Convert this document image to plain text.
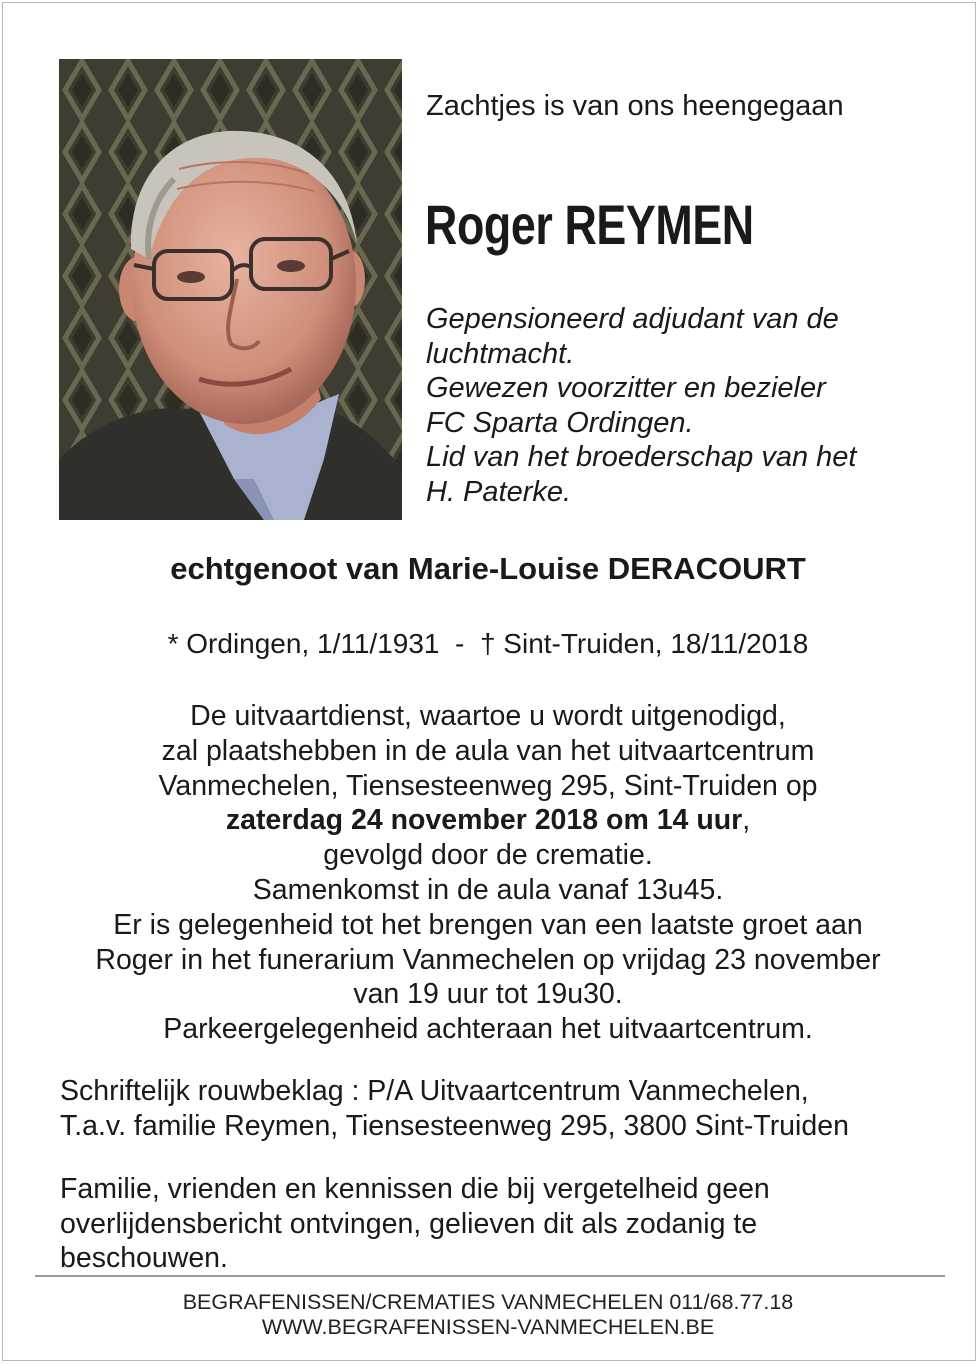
Zachtjes is van ons heengegaan
Roger REYMEN
Gepensioneerd adjudant van de
luchtmacht.
Gewezen voorzitter en bezieler
FC Sparta Ordingen.
Lid van het broederschap van het
H. Paterke.
echtgenoot van Marie-Louise DERACOURT
* Ordingen, 1/11/1931  -  † Sint-Truiden, 18/11/2018
De uitvaartdienst, waartoe u wordt uitgenodigd,
zal plaatshebben in de aula van het uitvaartcentrum
Vanmechelen, Tiensesteenweg 295, Sint-Truiden op
zaterdag 24 november 2018 om 14 uur,
gevolgd door de crematie.
Samenkomst in de aula vanaf 13u45.
Er is gelegenheid tot het brengen van een laatste groet aan
Roger in het funerarium Vanmechelen op vrijdag 23 november
van 19 uur tot 19u30.
Parkeergelegenheid achteraan het uitvaartcentrum.
Schriftelijk rouwbeklag : P/A Uitvaartcentrum Vanmechelen,
T.a.v. familie Reymen, Tiensesteenweg 295, 3800 Sint-Truiden
Familie, vrienden en kennissen die bij vergetelheid geen
overlijdensbericht ontvingen, gelieven dit als zodanig te
beschouwen.
BEGRAFENISSEN/CREMATIES VANMECHELEN 011/68.77.18
WWW.BEGRAFENISSEN-VANMECHELEN.BE
